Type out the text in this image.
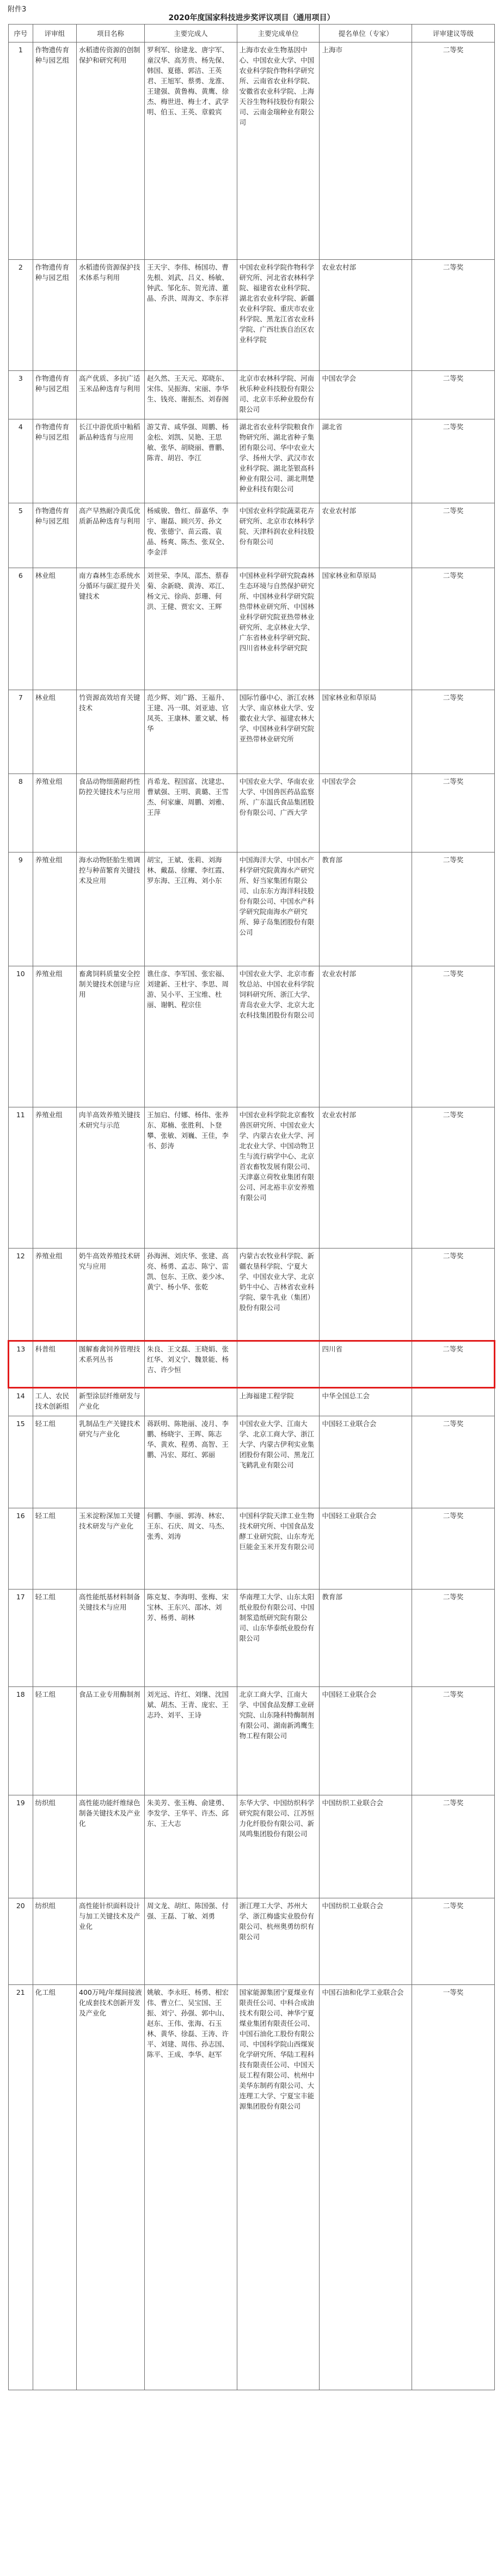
附件3
2020年度国家科技进步奖评议项目（通用项目）
序号	评审组	项目名称	主要完成人	主要完成单位	提名单位（专家）	评审建议等级
1	作物遗传育种与园艺组	水稻遗传资源的创制保护和研究利用	罗利军、徐建龙、唐宇军、童汉华、高芳贵、杨先保、韩国、夏德、郭洁、王英君、王旭军、蔡勇、龙淮、王建强、黄鲁梅、黄鹰、徐杰、梅世进、梅士才、武学明、伯玉、王英、章毅宾	上海市农业生物基因中心、中国农业大学、中国农业科学院作物科学研究所、云南省农业科学院、安徽省农业科学院、上海天谷生物科技股份有限公司、云南金瑞种业有限公司	上海市	二等奖
2	作物遗传育种与园艺组	水稻遗传资源保护技术体系与利用	王天宇、李伟、杨国功、曹先根、刘武、吕义、杨敏、钟武、邹化东、贺光清、董晶、乔洪、周海文、李东祥	中国农业科学院作物科学研究所、河北省农林科学院、福建省农业科学院、湖北省农业科学院、新疆农业科学院、重庆市农业科学院、黑龙江省农业科学院、广西壮族自治区农业科学院	农业农村部	二等奖
3	作物遗传育种与园艺组	高产优质、多抗广适玉米品种选育与利用	赵久然、王天元、郑晓东、宋伟、吴振海、宋丽、李华生、钱亮、谢振杰、刘春阁	北京市农林科学院、河南秋乐种业科技股份有限公司、北京丰乐种业股份有限公司	中国农学会	二等奖
4	作物遗传育种与园艺组	长江中游优质中籼稻新品种选育与应用	游艾青、咸华强、周鹏、杨金松、刘凯、吴艳、王思敏、张华、胡晓丽、曹鹏、陈青、胡岩、李江	湖北省农业科学院粮食作物研究所、湖北省种子集团有限公司、华中农业大学、扬州大学、武汉市农业科学院、湖北荃银高科种业有限公司、湖北荆楚种业科技有限公司	湖北省	二等奖
5	作物遗传育种与园艺组	高产早熟耐冷黄瓜优质新品种选育与利用	杨威骏、鲁红、薛嘉华、李宇、谢磊、顾兴芳、孙文俊、张德宁、苗云霞、袁晶、杨爽、陈杰、张双全、李金洋	中国农业科学院蔬菜花卉研究所、北京市农林科学院、天津科润农业科技股份有限公司	农业农村部	二等奖
6	林业组	南方森林生态系统水分循环与碳汇提升关键技术	刘世荣、李凤、邵杰、蔡春菊、余新晓、黄涛、邓江、杨文元、徐尚、彭珊、何洪、王健、贾宏文、王辉	中国林业科学研究院森林生态环境与自然保护研究所、中国林业科学研究院热带林业研究所、中国林业科学研究院亚热带林业研究所、北京林业大学、广东省林业科学研究院、四川省林业科学研究院	国家林业和草原局	二等奖
7	林业组	竹资源高效培育关键技术	范少辉、刘广路、王福升、王建、冯一琪、刘亚迪、官凤英、王康林、董文斌、杨华	国际竹藤中心、浙江农林大学、南京林业大学、安徽农业大学、福建农林大学、中国林业科学研究院亚热带林业研究所	国家林业和草原局	二等奖
8	养殖业组	食品动物细菌耐药性防控关键技术与应用	肖希龙、程国富、沈建忠、曹斌强、王明、黄璐、王雪杰、何家廉、周鹏、刘雅、王萍	中国农业大学、华南农业大学、中国兽医药品监察所、广东温氏食品集团股份有限公司、广西大学	中国农学会	二等奖
9	养殖业组	海水动物胚胎生殖调控与种苗繁育关键技术及应用	胡宝，王斌、张莉、刘海林、戴磊、徐耀、李红霞、罗东海、王江梅、刘小东	中国海洋大学、中国水产科学研究院黄海水产研究所、好当家集团有限公司、山东东方海洋科技股份有限公司、中国水产科学研究院南海水产研究所、獐子岛集团股份有限公司	教育部	二等奖
10	养殖业组	畜禽饲料质量安全控制关键技术创建与应用	谯仕彦、李军国、张宏福、刘建新、王杜宇、李思、周游、吴小平、王宝维、杜丽、谢帆、程宗佳	中国农业大学、北京市畜牧总站、中国农业科学院饲料研究所、浙江大学、青岛农业大学、北京大北农科技集团股份有限公司	农业农村部	二等奖
11	养殖业组	肉羊高效养殖关键技术研究与示范	王加启、付娜、杨伟、张养东、郑楠、张胜利、卜登攀、张敏、刘巍、王佳，李书、彭涛	中国农业科学院北京畜牧兽医研究所、中国农业大学、内蒙古农业大学、河北农业大学、中国动物卫生与流行病学中心、北京首农畜牧发展有限公司、天津嘉立荷牧业集团有限公司、河北裕丰京安养殖有限公司	农业农村部	二等奖
12	养殖业组	奶牛高效养殖技术研究与应用	孙海洲、刘庆华、张建、高亮、杨勇、孟志、陈宁、雷凯、包东、王欣、姜少冰、黄宁、杨小华、张乾	内蒙古农牧业科学院、新疆农垦科学院、宁夏大学、中国农业大学、北京奶牛中心、吉林省农业科学院、蒙牛乳业（集团）股份有限公司		二等奖
13	科普组	图解畜禽饲养管理技术系列丛书	朱良、王文磊、王晓娟、张红华、刘义宁、魏景能、杨吉、许少恒		四川省	二等奖
14	工人、农民技术创新组	新型涂层纤维研发与产业化		上海福建工程学院	中华全国总工会	
15	轻工组	乳制品生产关键技术研究与产业化	蒋跃明、陈艳丽、凌月、李鹏、杨晓宇、王晖、陈志华、黄欢、程勇、高智、王鹏、冯宏、郑红、郭丽	中国农业大学、江南大学、北京工商大学、浙江大学、内蒙古伊利实业集团股份有限公司、黑龙江飞鹤乳业有限公司	中国轻工业联合会	二等奖
16	轻工组	玉米淀粉深加工关键技术研发与产业化	何鹏、李丽、郭涛、林宏、王东、石庆、周文、马杰、张秀、刘涛	中国科学院天津工业生物技术研究所、中国食品发酵工业研究院、山东寿光巨能金玉米开发有限公司	中国轻工业联合会	二等奖
17	轻工组	高性能纸基材料制备关键技术与应用	陈克复、李海明、张梅、宋宝林、王东兴、邵冰、刘芳、杨勇、胡林	华南理工大学、山东太阳纸业股份有限公司、中国制浆造纸研究院有限公司、山东华泰纸业股份有限公司	教育部	二等奖
18	轻工组	食品工业专用酶制剂	刘光远、许红、刘继、沈国斌、胡杰、王青、庞宏、王志玲、刘平、王诗	北京工商大学、江南大学、中国食品发酵工业研究院、山东隆科特酶制剂有限公司、湖南新鸿鹰生物工程有限公司	中国轻工业联合会	二等奖
19	纺织组	高性能功能纤维绿色制备关键技术及产业化	朱美芳、张玉梅、俞建勇、李发学、王华平、许杰、邱东、王大志	东华大学、中国纺织科学研究院有限公司、江苏恒力化纤股份有限公司、新凤鸣集团股份有限公司	中国纺织工业联合会	二等奖
20	纺织组	高性能针织面料设计与加工关键技术及产业化	周文龙、胡红、陈国强、付强、王磊、丁敏、刘勇	浙江理工大学、苏州大学、浙江梅盛实业股份有限公司、杭州奥勇纺织有限公司	中国纺织工业联合会	二等奖
21	化工组	400万吨/年煤间接液化成套技术创新开发及产业化	姚敏、李永旺、杨勇、相宏伟、曹立仁、吴宝国、王振、刘宁、孙强、郭中山、赵东、王伟、张海、石玉林、黄华、徐磊、王涛、许平、刘建、周伟、孙志国、陈平、王成、李华、赵军	国家能源集团宁夏煤业有限责任公司、中科合成油技术有限公司、神华宁夏煤业集团有限责任公司、中国石油化工股份有限公司、中国科学院山西煤炭化学研究所、华陆工程科技有限责任公司、中国天辰工程有限公司、杭州中美华东制药有限公司、大连理工大学、宁夏宝丰能源集团股份有限公司	中国石油和化学工业联合会	一等奖
